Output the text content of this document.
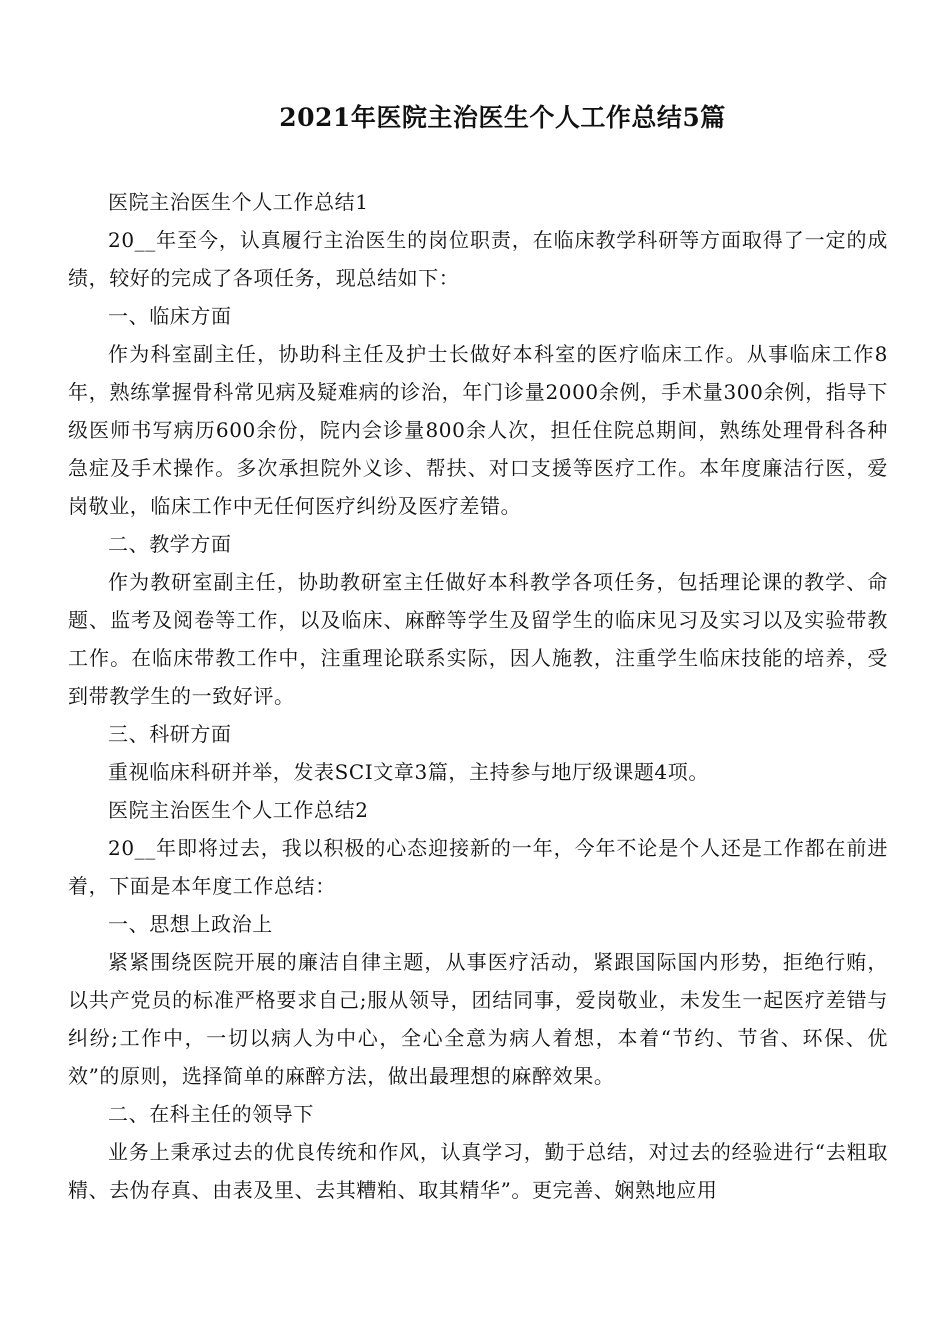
2021年医院主治医生个人工作总结5篇

医院主治医生个人工作总结1

20__年至今，认真履行主治医生的岗位职责，在临床教学科研等方面取得了一定的成绩，较好的完成了各项任务，现总结如下：

一、临床方面

作为科室副主任，协助科主任及护士长做好本科室的医疗临床工作。从事临床工作8年，熟练掌握骨科常见病及疑难病的诊治，年门诊量2000余例，手术量300余例，指导下级医师书写病历600余份，院内会诊量800余人次，担任住院总期间，熟练处理骨科各种急症及手术操作。多次承担院外义诊、帮扶、对口支援等医疗工作。本年度廉洁行医，爱岗敬业，临床工作中无任何医疗纠纷及医疗差错。

二、教学方面

作为教研室副主任，协助教研室主任做好本科教学各项任务，包括理论课的教学、命题、监考及阅卷等工作，以及临床、麻醉等学生及留学生的临床见习及实习以及实验带教工作。在临床带教工作中，注重理论联系实际，因人施教，注重学生临床技能的培养，受到带教学生的一致好评。

三、科研方面

重视临床科研并举，发表SCI文章3篇，主持参与地厅级课题4项。

医院主治医生个人工作总结2

20__年即将过去，我以积极的心态迎接新的一年，今年不论是个人还是工作都在前进着，下面是本年度工作总结：

一、思想上政治上

紧紧围绕医院开展的廉洁自律主题，从事医疗活动，紧跟国际国内形势，拒绝行贿，以共产党员的标准严格要求自己;服从领导，团结同事，爱岗敬业，未发生一起医疗差错与纠纷;工作中，一切以病人为中心，全心全意为病人着想，本着“节约、节省、环保、优效”的原则，选择简单的麻醉方法，做出最理想的麻醉效果。

二、在科主任的领导下

业务上秉承过去的优良传统和作风，认真学习，勤于总结，对过去的经验进行“去粗取精、去伪存真、由表及里、去其糟粕、取其精华”。更完善、娴熟地应用
